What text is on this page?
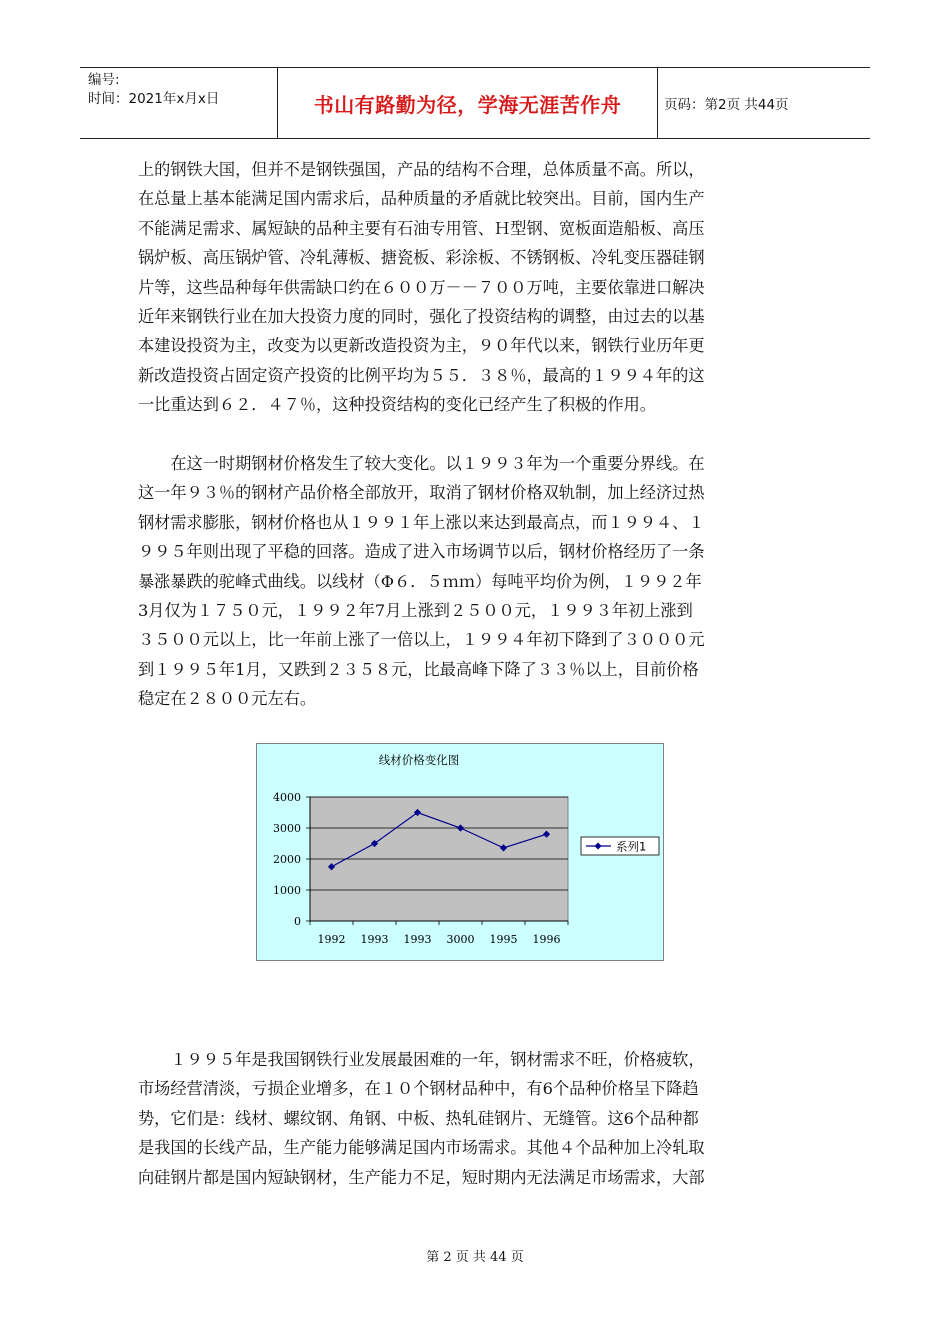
编号:
时间：2021年x月x日	书山有路勤为径，学海无涯苦作舟	页码：第2页 共44页
上的钢铁大国，但并不是钢铁强国，产品的结构不合理，总体质量不高。所以，
在总量上基本能满足国内需求后，品种质量的矛盾就比较突出。目前，国内生产
不能满足需求、属短缺的品种主要有石油专用管、Ｈ型钢、宽板面造船板、高压
锅炉板、高压锅炉管、冷轧薄板、搪瓷板、彩涂板、不锈钢板、冷轧变压器硅钢
片等，这些品种每年供需缺口约在６００万－－７００万吨，主要依靠进口解决
近年来钢铁行业在加大投资力度的同时，强化了投资结构的调整，由过去的以基
本建设投资为主，改变为以更新改造投资为主，９０年代以来，钢铁行业历年更
新改造投资占固定资产投资的比例平均为５５．３８％，最高的１９９４年的这
一比重达到６２．４７％，这种投资结构的变化已经产生了积极的作用。
　　在这一时期钢材价格发生了较大变化。以１９９３年为一个重要分界线。在
这一年９３％的钢材产品价格全部放开，取消了钢材价格双轨制，加上经济过热
钢材需求膨胀，钢材价格也从１９９１年上涨以来达到最高点，而１９９４、１
９９５年则出现了平稳的回落。造成了进入市场调节以后，钢材价格经历了一条
暴涨暴跌的驼峰式曲线。以线材（Φ６．５ｍｍ）每吨平均价为例，１９９２年
3月仅为１７５０元，１９９２年7月上涨到２５００元，１９９３年初上涨到
３５００元以上，比一年前上涨了一倍以上，１９９４年初下降到了３０００元
到１９９５年1月，又跌到２３５８元，比最高峰下降了３３％以上，目前价格
稳定在２８００元左右。
线材价格变化图
0
1000
2000
3000
4000
1992 1993 1993 3000 1995 1996
系列1
　　１９９５年是我国钢铁行业发展最困难的一年，钢材需求不旺，价格疲软，
市场经营清淡，亏损企业增多，在１０个钢材品种中，有6个品种价格呈下降趋
势，它们是：线材、螺纹钢、角钢、中板、热轧硅钢片、无缝管。这6个品种都
是我国的长线产品，生产能力能够满足国内市场需求。其他４个品种加上冷轧取
向硅钢片都是国内短缺钢材，生产能力不足，短时期内无法满足市场需求，大部
第 2 页 共 44 页
